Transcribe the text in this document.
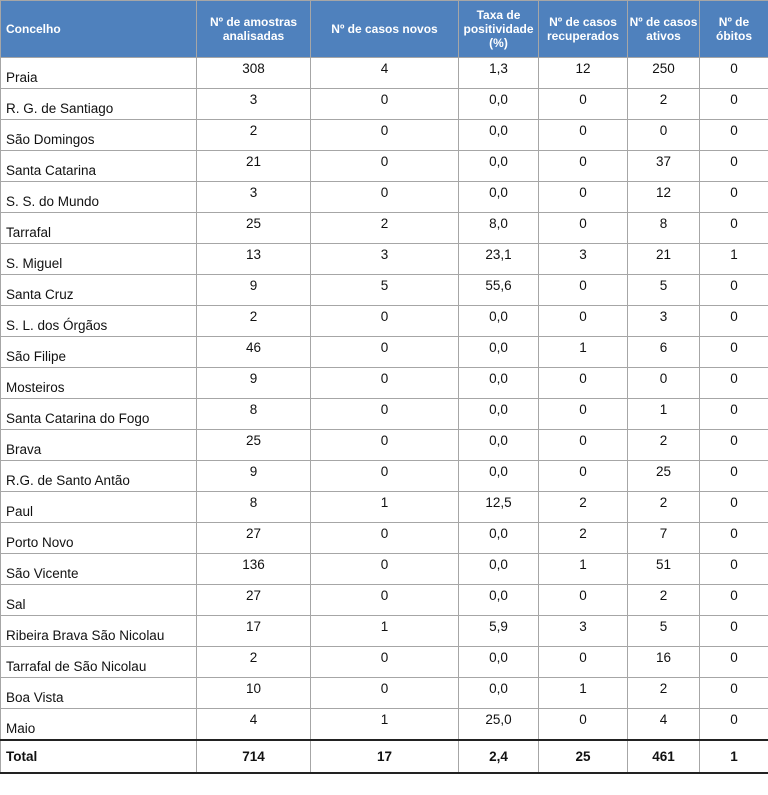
Concelho	Nº de amostras analisadas	Nº de casos novos	Taxa de positividade (%)	Nº de casos recuperados	Nº de casos ativos	Nº de óbitos
Praia	308	4	1,3	12	250	0
R. G. de Santiago	3	0	0,0	0	2	0
São Domingos	2	0	0,0	0	0	0
Santa Catarina	21	0	0,0	0	37	0
S. S. do Mundo	3	0	0,0	0	12	0
Tarrafal	25	2	8,0	0	8	0
S. Miguel	13	3	23,1	3	21	1
Santa Cruz	9	5	55,6	0	5	0
S. L. dos Órgãos	2	0	0,0	0	3	0
São Filipe	46	0	0,0	1	6	0
Mosteiros	9	0	0,0	0	0	0
Santa Catarina do Fogo	8	0	0,0	0	1	0
Brava	25	0	0,0	0	2	0
R.G. de Santo Antão	9	0	0,0	0	25	0
Paul	8	1	12,5	2	2	0
Porto Novo	27	0	0,0	2	7	0
São Vicente	136	0	0,0	1	51	0
Sal	27	0	0,0	0	2	0
Ribeira Brava São Nicolau	17	1	5,9	3	5	0
Tarrafal de São Nicolau	2	0	0,0	0	16	0
Boa Vista	10	0	0,0	1	2	0
Maio	4	1	25,0	0	4	0
Total	714	17	2,4	25	461	1
